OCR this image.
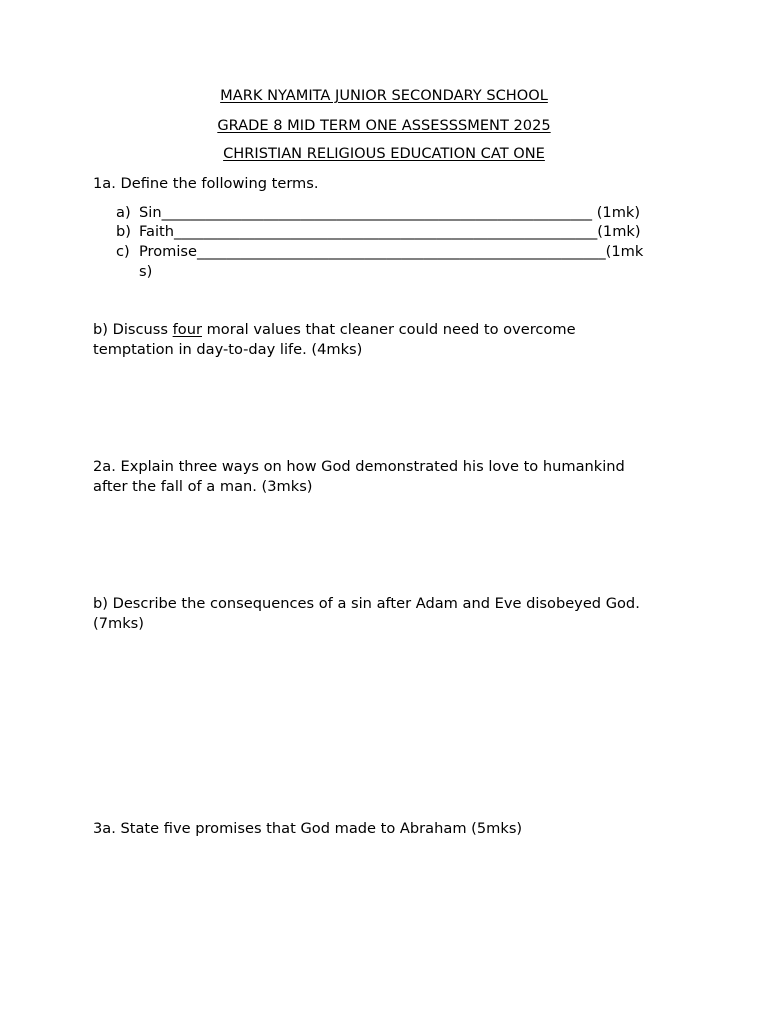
MARK NYAMITA JUNIOR SECONDARY SCHOOL
GRADE 8 MID TERM ONE ASSESSSMENT 2025
CHRISTIAN RELIGIOUS EDUCATION CAT ONE
1a. Define the following terms.
a) Sin___________________________________________________________ (1mk)
b) Faith__________________________________________________________(1mk)
c) Promise________________________________________________________(1mk
s)
b) Discuss four moral values that cleaner could need to overcome
temptation in day-to-day life. (4mks)
2a. Explain three ways on how God demonstrated his love to humankind
after the fall of a man. (3mks)
b) Describe the consequences of a sin after Adam and Eve disobeyed God.
(7mks)
3a. State five promises that God made to Abraham (5mks)
